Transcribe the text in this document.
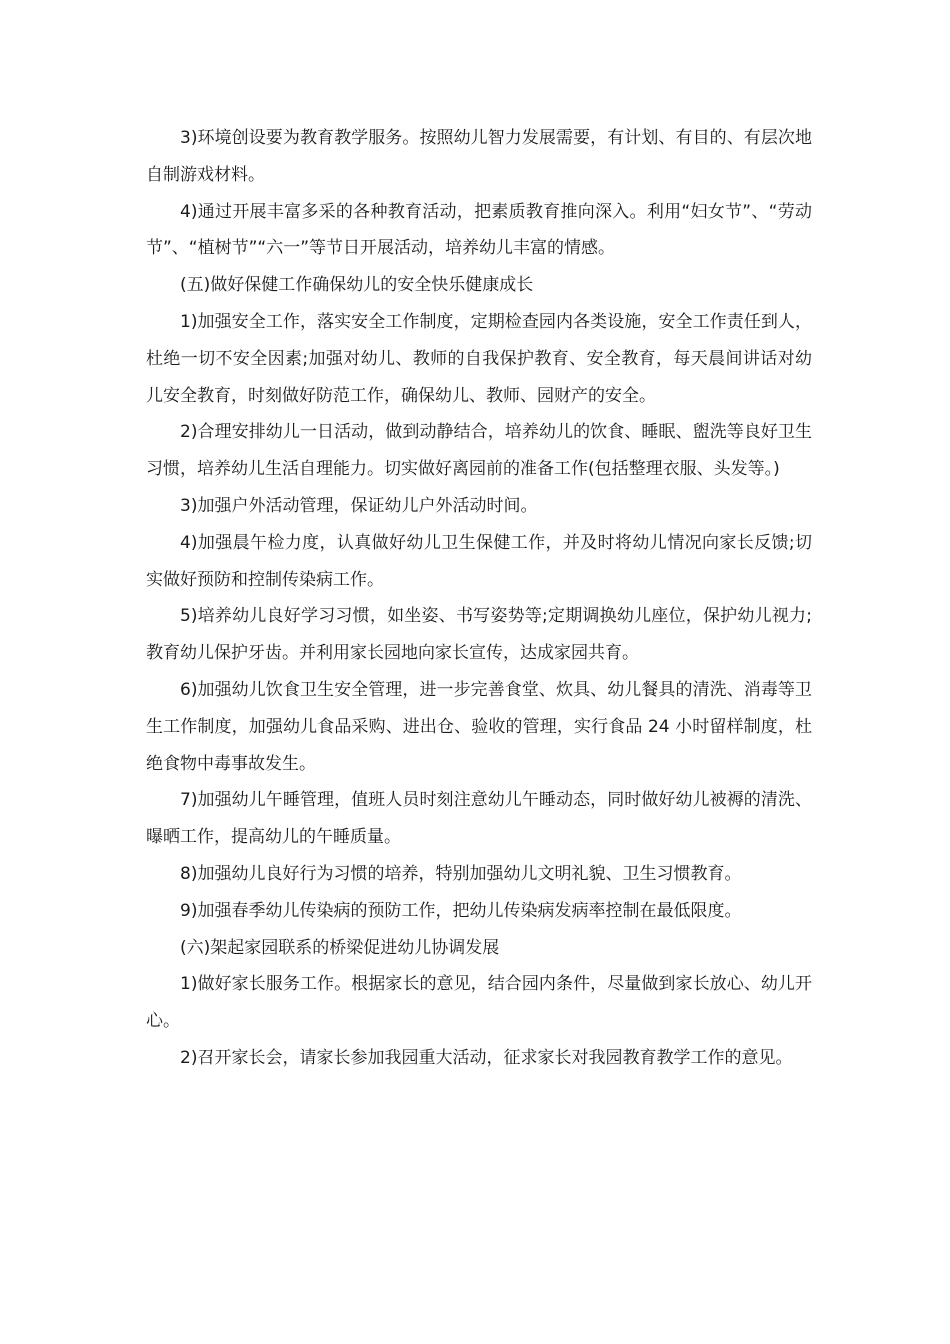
3)环境创设要为教育教学服务。按照幼儿智力发展需要，有计划、有目的、有层次地自制游戏材料。

4)通过开展丰富多采的各种教育活动，把素质教育推向深入。利用“妇女节”、“劳动节”、“植树节”“六一”等节日开展活动，培养幼儿丰富的情感。

(五)做好保健工作确保幼儿的安全快乐健康成长

1)加强安全工作，落实安全工作制度，定期检查园内各类设施，安全工作责任到人，杜绝一切不安全因素;加强对幼儿、教师的自我保护教育、安全教育，每天晨间讲话对幼儿安全教育，时刻做好防范工作，确保幼儿、教师、园财产的安全。

2)合理安排幼儿一日活动，做到动静结合，培养幼儿的饮食、睡眠、盥洗等良好卫生习惯，培养幼儿生活自理能力。切实做好离园前的准备工作(包括整理衣服、头发等。)

3)加强户外活动管理，保证幼儿户外活动时间。

4)加强晨午检力度，认真做好幼儿卫生保健工作，并及时将幼儿情况向家长反馈;切实做好预防和控制传染病工作。

5)培养幼儿良好学习习惯，如坐姿、书写姿势等;定期调换幼儿座位，保护幼儿视力;教育幼儿保护牙齿。并利用家长园地向家长宣传，达成家园共育。

6)加强幼儿饮食卫生安全管理，进一步完善食堂、炊具、幼儿餐具的清洗、消毒等卫生工作制度，加强幼儿食品采购、进出仓、验收的管理，实行食品 24 小时留样制度，杜绝食物中毒事故发生。

7)加强幼儿午睡管理，值班人员时刻注意幼儿午睡动态，同时做好幼儿被褥的清洗、曝晒工作，提高幼儿的午睡质量。

8)加强幼儿良好行为习惯的培养，特别加强幼儿文明礼貌、卫生习惯教育。

9)加强春季幼儿传染病的预防工作，把幼儿传染病发病率控制在最低限度。

(六)架起家园联系的桥梁促进幼儿协调发展

1)做好家长服务工作。根据家长的意见，结合园内条件，尽量做到家长放心、幼儿开心。

2)召开家长会，请家长参加我园重大活动，征求家长对我园教育教学工作的意见。
